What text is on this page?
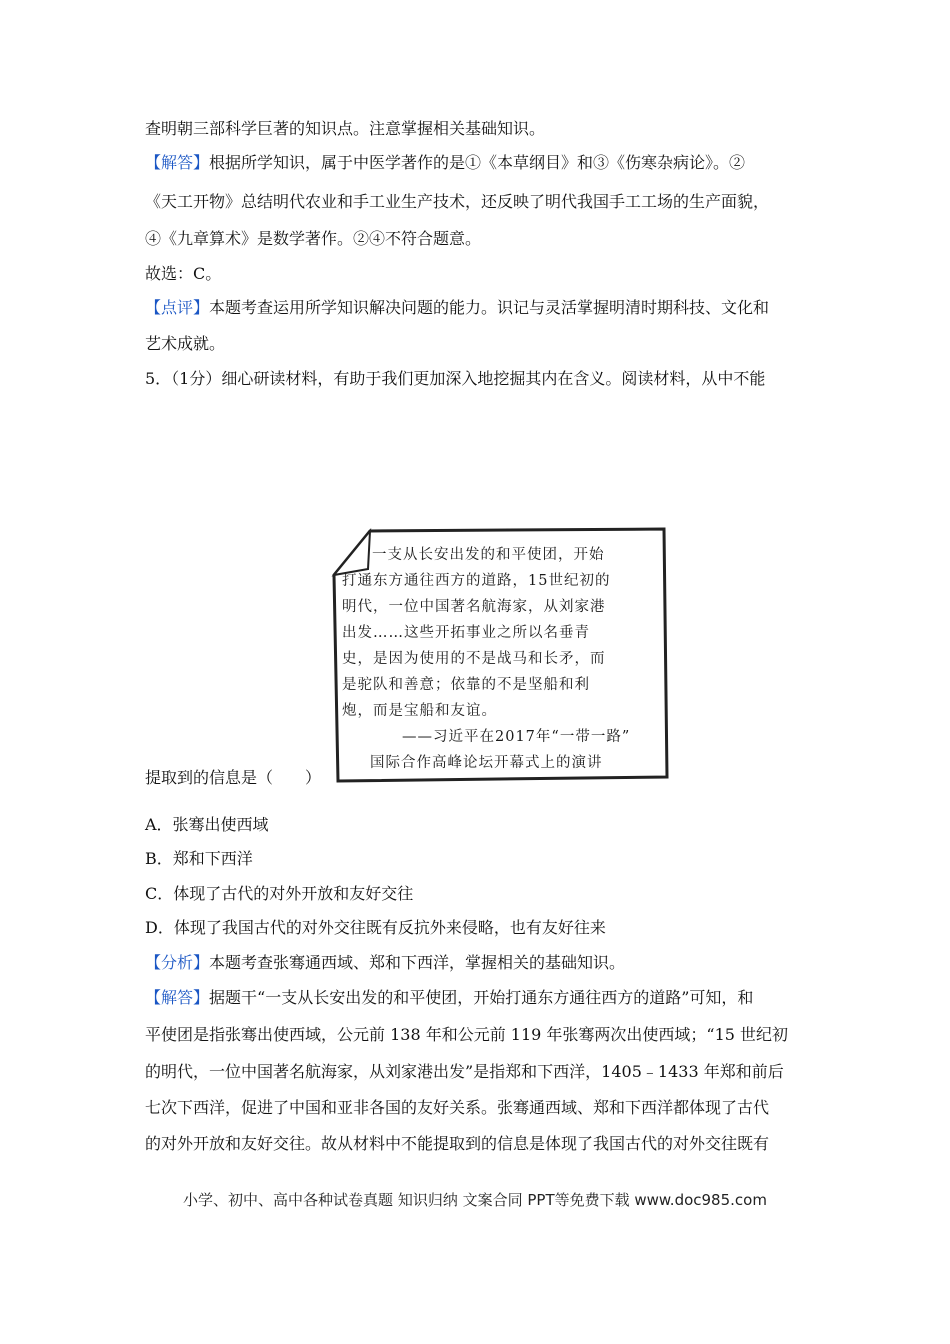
查明朝三部科学巨著的知识点。注意掌握相关基础知识。
【解答】根据所学知识，属于中医学著作的是①《本草纲目》和③《伤寒杂病论》。②
《天工开物》总结明代农业和手工业生产技术，还反映了明代我国手工工场的生产面貌，
④《九章算术》是数学著作。②④不符合题意。
故选：C。
【点评】本题考查运用所学知识解决问题的能力。识记与灵活掌握明清时期科技、文化和
艺术成就。
5．（1分）细心研读材料，有助于我们更加深入地挖掘其内在含义。阅读材料，从中不能
一支从长安出发的和平使团，开始
打通东方通往西方的道路，15世纪初的
明代，一位中国著名航海家，从刘家港
出发……这些开拓事业之所以名垂青
史，是因为使用的不是战马和长矛，而
是驼队和善意；依靠的不是坚船和利
炮，而是宝船和友谊。
——习近平在2017年“一带一路”
国际合作高峰论坛开幕式上的演讲
提取到的信息是（　　）
A．张骞出使西域
B．郑和下西洋
C．体现了古代的对外开放和友好交往
D．体现了我国古代的对外交往既有反抗外来侵略，也有友好往来
【分析】本题考查张骞通西域、郑和下西洋，掌握相关的基础知识。
【解答】据题干“一支从长安出发的和平使团，开始打通东方通往西方的道路”可知，和
平使团是指张骞出使西域，公元前 138 年和公元前 119 年张骞两次出使西域；“15 世纪初
的明代，一位中国著名航海家，从刘家港出发”是指郑和下西洋，1405﹣1433 年郑和前后
七次下西洋，促进了中国和亚非各国的友好关系。张骞通西域、郑和下西洋都体现了古代
的对外开放和友好交往。故从材料中不能提取到的信息是体现了我国古代的对外交往既有
小学、初中、高中各种试卷真题 知识归纳 文案合同 PPT等免费下载 www.doc985.com
